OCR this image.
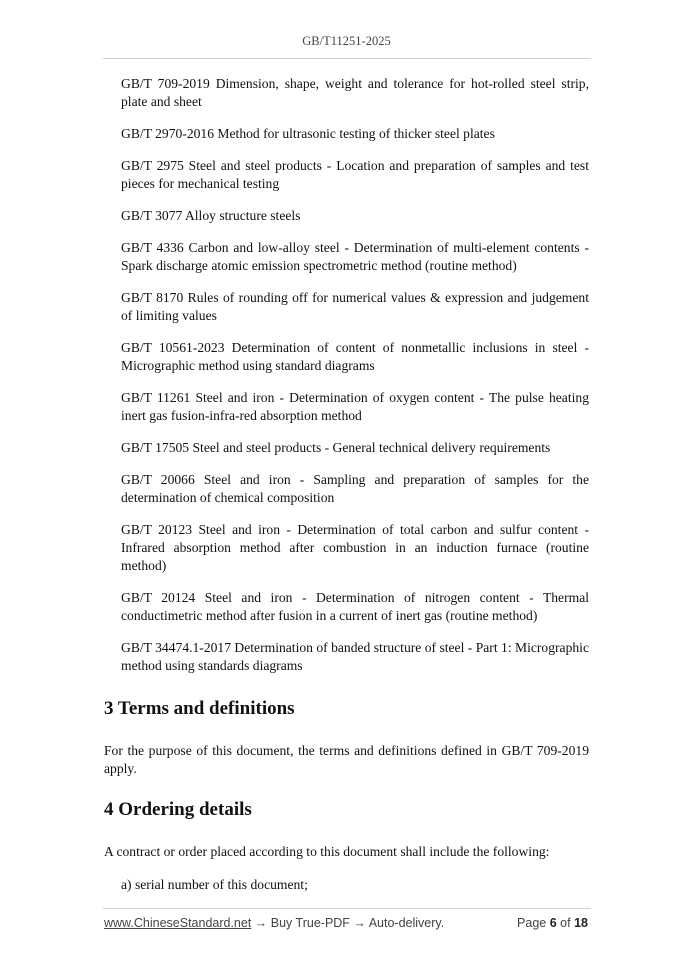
GB/T11251-2025

GB/T 709-2019 Dimension, shape, weight and tolerance for hot-rolled steel strip, plate and sheet

GB/T 2970-2016 Method for ultrasonic testing of thicker steel plates

GB/T 2975 Steel and steel products - Location and preparation of samples and test pieces for mechanical testing

GB/T 3077 Alloy structure steels

GB/T 4336 Carbon and low-alloy steel - Determination of multi-element contents - Spark discharge atomic emission spectrometric method (routine method)

GB/T 8170 Rules of rounding off for numerical values & expression and judgement of limiting values

GB/T 10561-2023 Determination of content of nonmetallic inclusions in steel - Micrographic method using standard diagrams

GB/T 11261 Steel and iron - Determination of oxygen content - The pulse heating inert gas fusion-infra-red absorption method

GB/T 17505 Steel and steel products - General technical delivery requirements

GB/T 20066 Steel and iron - Sampling and preparation of samples for the determination of chemical composition

GB/T 20123 Steel and iron - Determination of total carbon and sulfur content - Infrared absorption method after combustion in an induction furnace (routine method)

GB/T 20124 Steel and iron - Determination of nitrogen content - Thermal conductimetric method after fusion in a current of inert gas (routine method)

GB/T 34474.1-2017 Determination of banded structure of steel - Part 1: Micrographic method using standards diagrams

3 Terms and definitions

For the purpose of this document, the terms and definitions defined in GB/T 709-2019 apply.

4 Ordering details

A contract or order placed according to this document shall include the following:

a) serial number of this document;

www.ChineseStandard.net → Buy True-PDF → Auto-delivery.	Page 6 of 18
